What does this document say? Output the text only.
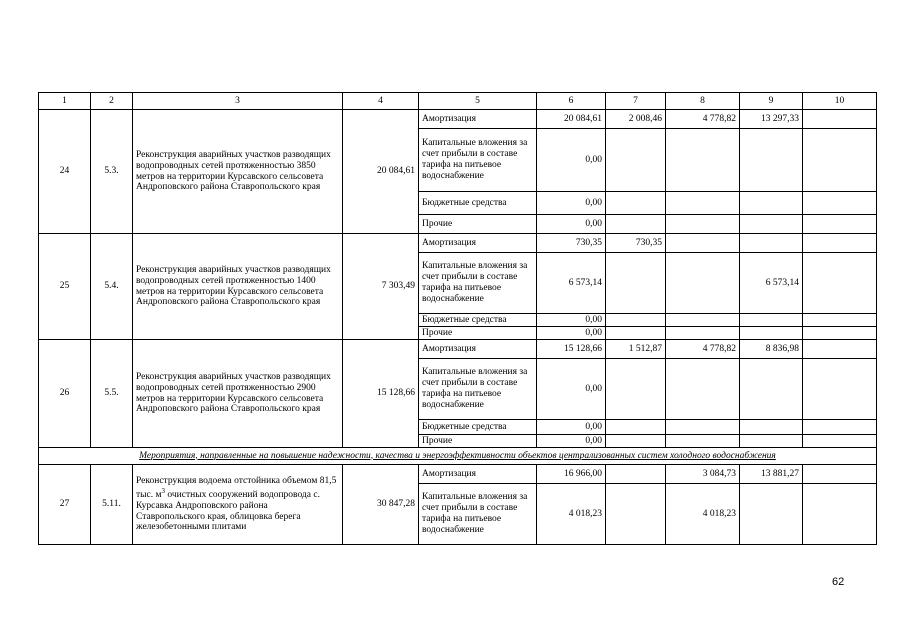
1	2	3	4	5	6	7	8	9	10
24	5.3.	Реконструкция аварийных участков разводящих водопроводных сетей протяженностью 3850 метров на территории Курсавского сельсовета Андроповского района Ставропольского края	20 084,61	Амортизация	20 084,61	2 008,46	4 778,82	13 297,33	
				Капитальные вложения за счет прибыли в составе тарифа на питьевое водоснабжение	0,00				
				Бюджетные средства	0,00				
				Прочие	0,00				
25	5.4.	Реконструкция аварийных участков разводящих водопроводных сетей протяженностью 1400 метров на территории Курсавского сельсовета Андроповского района Ставропольского края	7 303,49	Амортизация	730,35	730,35			
				Капитальные вложения за счет прибыли в составе тарифа на питьевое водоснабжение	6 573,14			6 573,14	
				Бюджетные средства	0,00				
				Прочие	0,00				
26	5.5.	Реконструкция аварийных участков разводящих водопроводных сетей протяженностью 2900 метров на территории Курсавского сельсовета Андроповского района Ставропольского края	15 128,66	Амортизация	15 128,66	1 512,87	4 778,82	8 836,98	
				Капитальные вложения за счет прибыли в составе тарифа на питьевое водоснабжение	0,00				
				Бюджетные средства	0,00				
				Прочие	0,00				
Мероприятия, направленные на повышение надежности, качества и энергоэффективности объектов централизованных систем холодного водоснабжения									
27	5.11.	Реконструкция водоема отстойника объемом 81,5 тыс. $м^3$ очистных сооружений водопровода с. Курсавка Андроповского района Ставропольского края, облицовка берега железобетонными плитами	30 847,28	Амортизация	16 966,00		3 084,73	13 881,27	
				Капитальные вложения за счет прибыли в составе тарифа на питьевое водоснабжение	4 018,23		4 018,23		
62
